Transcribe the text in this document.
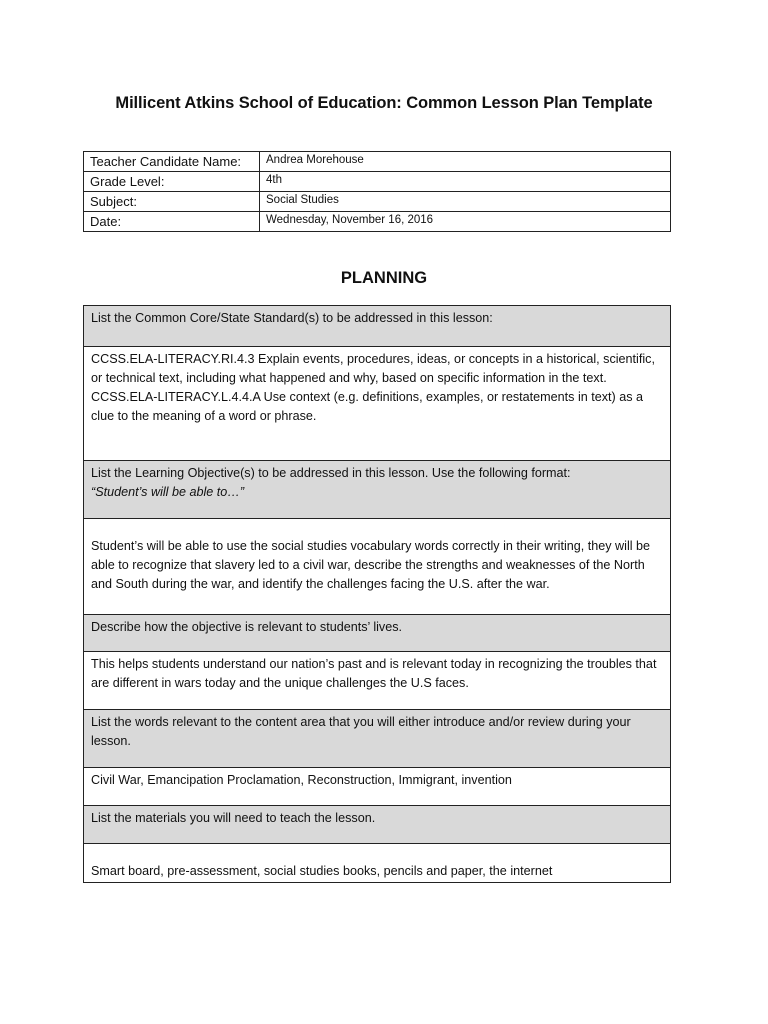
Millicent Atkins School of Education: Common Lesson Plan Template
Teacher Candidate Name:	Andrea Morehouse
Grade Level:	4th
Subject:	Social Studies
Date:	Wednesday, November 16, 2016
PLANNING

List the Common Core/State Standard(s) to be addressed in this lesson:

CCSS.ELA-LITERACY.RI.4.3 Explain events, procedures, ideas, or concepts in a historical, scientific, or technical text, including what happened and why, based on specific information in the text.

CCSS.ELA-LITERACY.L.4.4.A Use context (e.g. definitions, examples, or restatements in text) as a clue to the meaning of a word or phrase.

List the Learning Objective(s) to be addressed in this lesson. Use the following format:

“Student’s will be able to…”

Student’s will be able to use the social studies vocabulary words correctly in their writing, they will be able to recognize that slavery led to a civil war, describe the strengths and weaknesses of the North and South during the war, and identify the challenges facing the U.S. after the war.

Describe how the objective is relevant to students’ lives.

This helps students understand our nation’s past and is relevant today in recognizing the troubles that are different in wars today and the unique challenges the U.S faces.

List the words relevant to the content area that you will either introduce and/or review during your lesson.

Civil War, Emancipation Proclamation, Reconstruction, Immigrant, invention

List the materials you will need to teach the lesson.

Smart board, pre-assessment, social studies books, pencils and paper, the internet
